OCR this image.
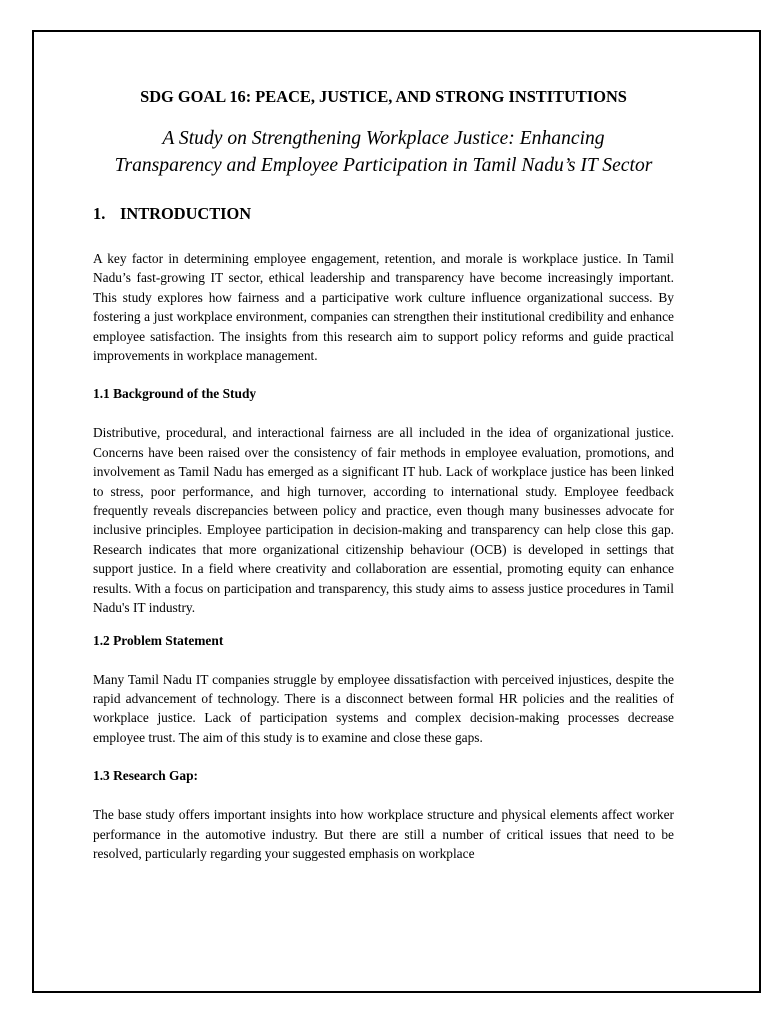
SDG GOAL 16: PEACE, JUSTICE, AND STRONG INSTITUTIONS
A Study on Strengthening Workplace Justice: Enhancing
Transparency and Employee Participation in Tamil Nadu’s IT Sector
1. INTRODUCTION

A key factor in determining employee engagement, retention, and morale is workplace justice. In Tamil Nadu’s fast-growing IT sector, ethical leadership and transparency have become increasingly important. This study explores how fairness and a participative work culture influence organizational success. By fostering a just workplace environment, companies can strengthen their institutional credibility and enhance employee satisfaction. The insights from this research aim to support policy reforms and guide practical improvements in workplace management.

1.1 Background of the Study

Distributive, procedural, and interactional fairness are all included in the idea of organizational justice. Concerns have been raised over the consistency of fair methods in employee evaluation, promotions, and involvement as Tamil Nadu has emerged as a significant IT hub. Lack of workplace justice has been linked to stress, poor performance, and high turnover, according to international study. Employee feedback frequently reveals discrepancies between policy and practice, even though many businesses advocate for inclusive principles. Employee participation in decision-making and transparency can help close this gap. Research indicates that more organizational citizenship behaviour (OCB) is developed in settings that support justice. In a field where creativity and collaboration are essential, promoting equity can enhance results. With a focus on participation and transparency, this study aims to assess justice procedures in Tamil Nadu's IT industry.

1.2 Problem Statement

Many Tamil Nadu IT companies struggle by employee dissatisfaction with perceived injustices, despite the rapid advancement of technology. There is a disconnect between formal HR policies and the realities of workplace justice. Lack of participation systems and complex decision-making processes decrease employee trust. The aim of this study is to examine and close these gaps.

1.3 Research Gap:

The base study offers important insights into how workplace structure and physical elements affect worker performance in the automotive industry. But there are still a number of critical issues that need to be resolved, particularly regarding your suggested emphasis on workplace
